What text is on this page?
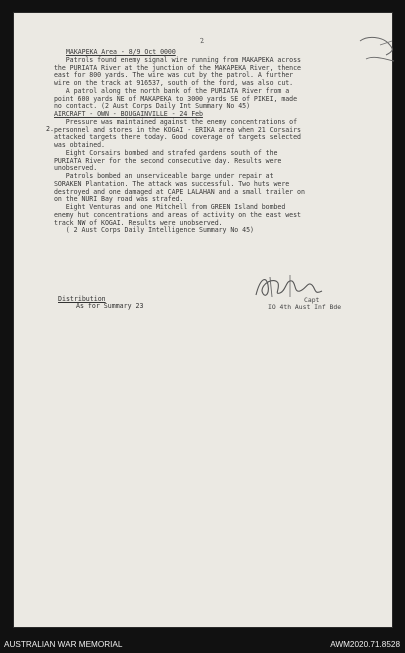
2
2.
MAKAPEKA Area - 8/9 Oct 0000
Patrols found enemy signal wire running from MAKAPEKA across
the PURIATA River at the junction of the MAKAPEKA River, thence
east for 800 yards. The wire was cut by the patrol. A further
wire on the track at 916537, south of the ford, was also cut.
A patrol along the north bank of the PURIATA River from a
point 600 yards NE of MAKAPEKA to 3000 yards SE of PIKEI, made
no contact. (2 Aust Corps Daily Int Summary No 45)
AIRCRAFT - OWN - BOUGAINVILLE - 24 Feb
Pressure was maintained against the enemy concentrations of
personnel and stores in the KOGAI - ERIKA area when 21 Corsairs
attacked targets there today. Good coverage of targets selected
was obtained.
Eight Corsairs bombed and strafed gardens south of the
PURIATA River for the second consecutive day. Results were
unobserved.
Patrols bombed an unserviceable barge under repair at
SORAKEN Plantation. The attack was successful. Two huts were
destroyed and one damaged at CAPE LALAHAN and a small trailer on
on the NURI Bay road was strafed.
Eight Venturas and one Mitchell from GREEN Island bombed
enemy hut concentrations and areas of activity on the east west
track NW of KOGAI. Results were unobserved.
( 2 Aust Corps Daily Intelligence Summary No 45)
Distribution
As for Summary 23
Capt
IO 4th Aust Inf Bde
AUSTRALIAN WAR MEMORIAL	AWM2020.71.8528
